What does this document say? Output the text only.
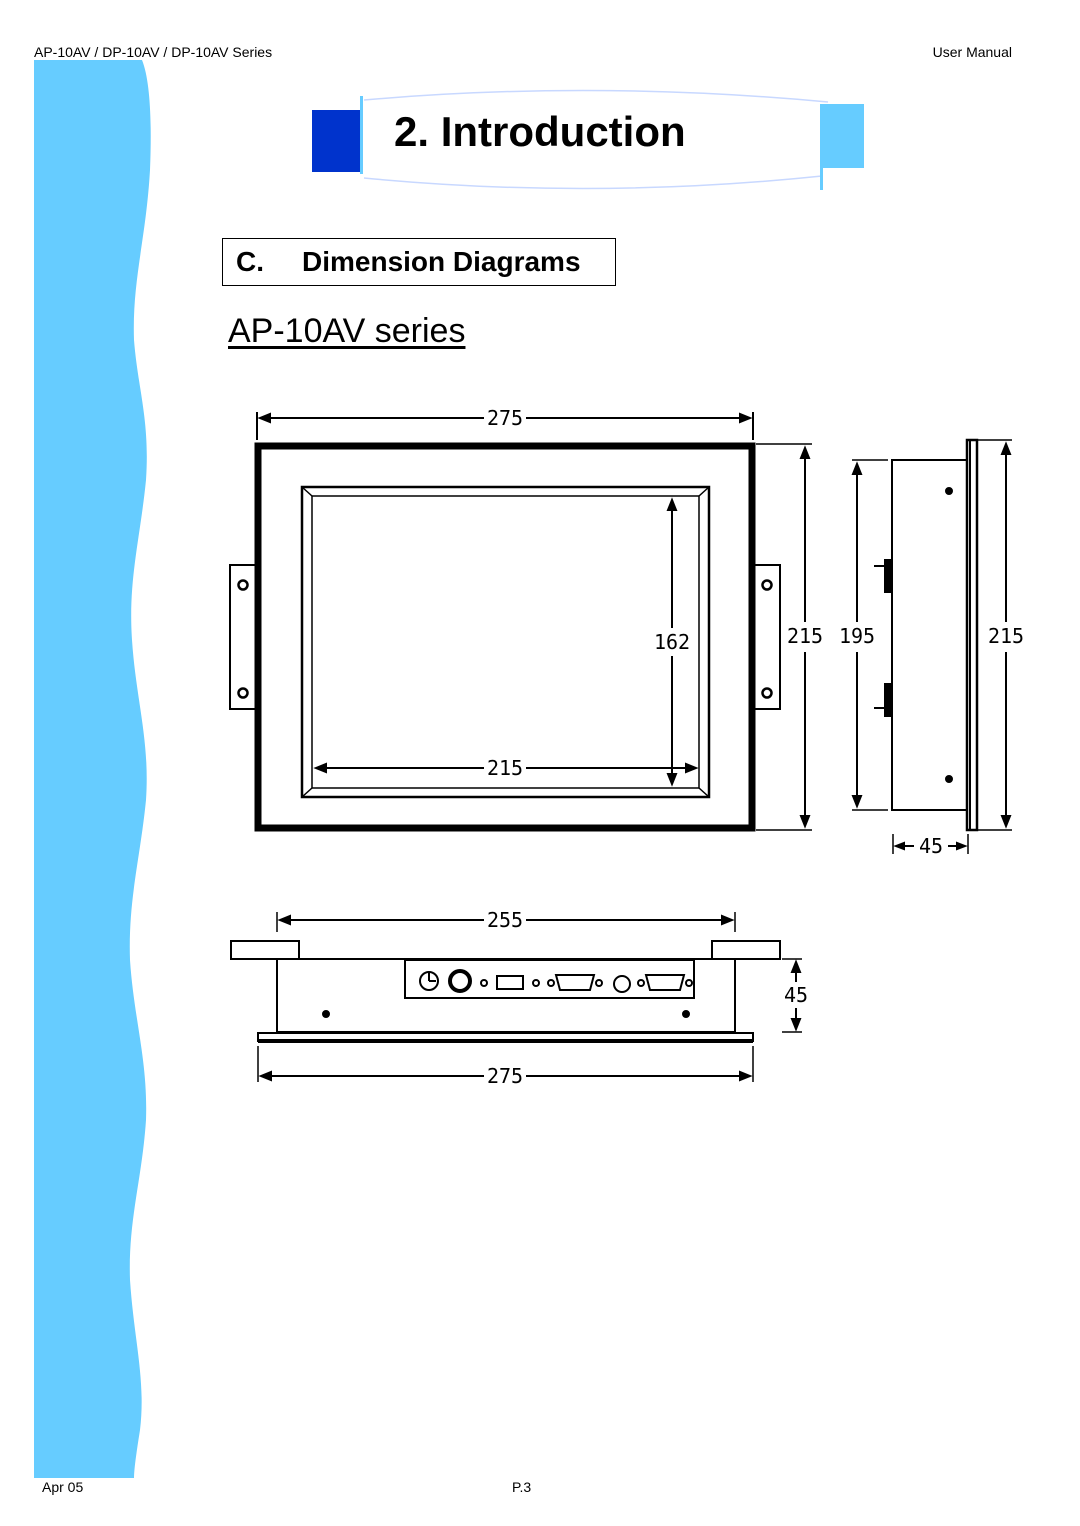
AP-10AV / DP-10AV / DP-10AV Series	User Manual
2. Introduction
C. Dimension Diagrams
AP-10AV series
275
162
215
215 195	215
45
255
45
275
Apr 05	P.3
